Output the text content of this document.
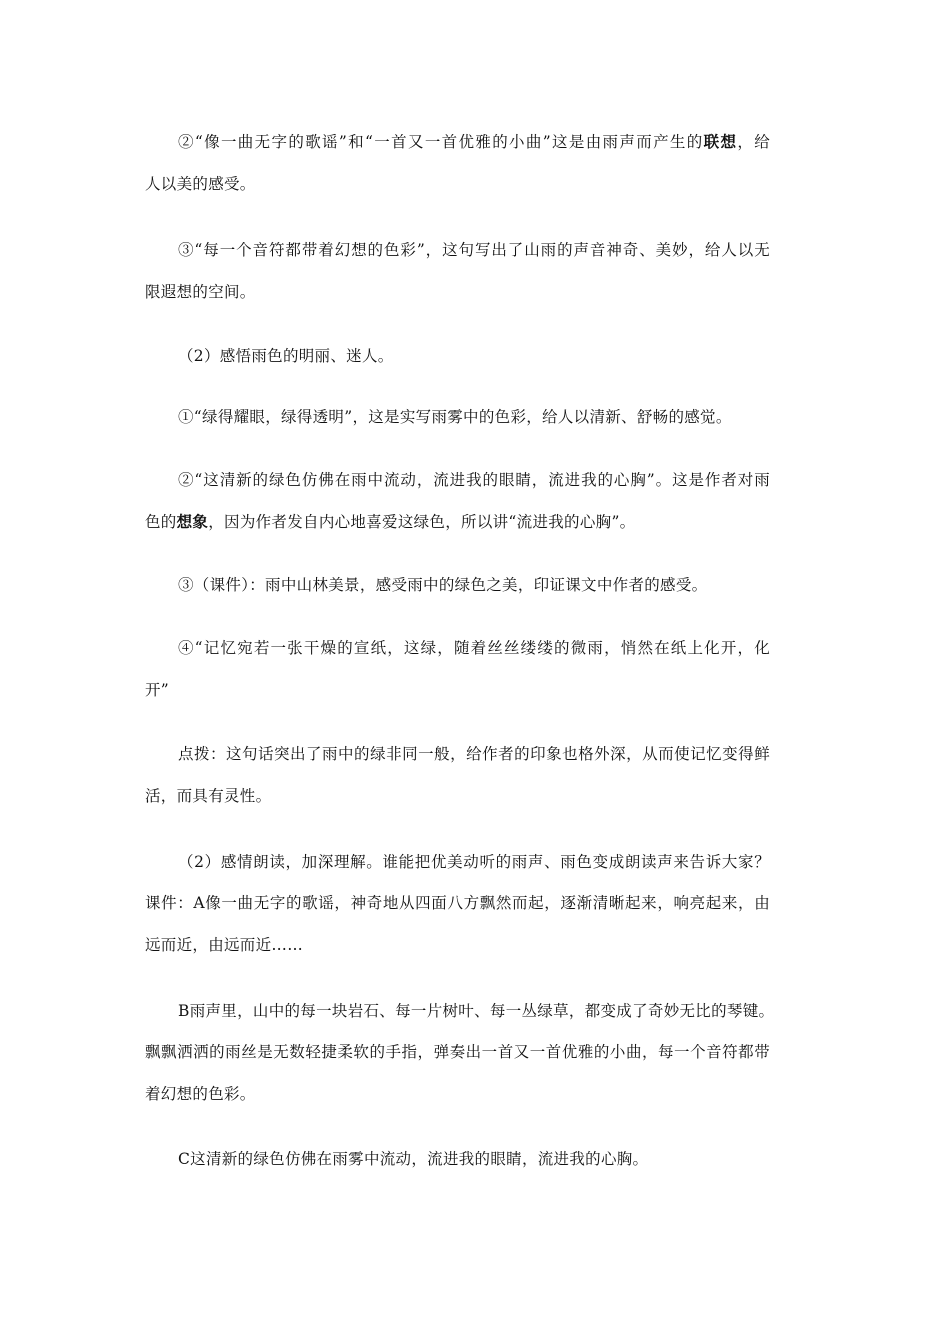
②“像一曲无字的歌谣”和“一首又一首优雅的小曲”这是由雨声而产生的联想，给
人以美的感受。
③“每一个音符都带着幻想的色彩”，这句写出了山雨的声音神奇、美妙，给人以无
限遐想的空间。
（2）感悟雨色的明丽、迷人。
①“绿得耀眼，绿得透明”，这是实写雨雾中的色彩，给人以清新、舒畅的感觉。
②“这清新的绿色仿佛在雨中流动，流进我的眼睛，流进我的心胸”。这是作者对雨
色的想象，因为作者发自内心地喜爱这绿色，所以讲“流进我的心胸”。
③（课件）：雨中山林美景，感受雨中的绿色之美，印证课文中作者的感受。
④“记忆宛若一张干燥的宣纸，这绿，随着丝丝缕缕的微雨，悄然在纸上化开，化
开”
点拨：这句话突出了雨中的绿非同一般，给作者的印象也格外深，从而使记忆变得鲜
活，而具有灵性。
（2）感情朗读，加深理解。谁能把优美动听的雨声、雨色变成朗读声来告诉大家？
课件：A像一曲无字的歌谣，神奇地从四面八方飘然而起，逐渐清晰起来，响亮起来，由
远而近，由远而近……
B雨声里，山中的每一块岩石、每一片树叶、每一丛绿草，都变成了奇妙无比的琴键。
飘飘洒洒的雨丝是无数轻捷柔软的手指，弹奏出一首又一首优雅的小曲，每一个音符都带
着幻想的色彩。
C这清新的绿色仿佛在雨雾中流动，流进我的眼睛，流进我的心胸。
